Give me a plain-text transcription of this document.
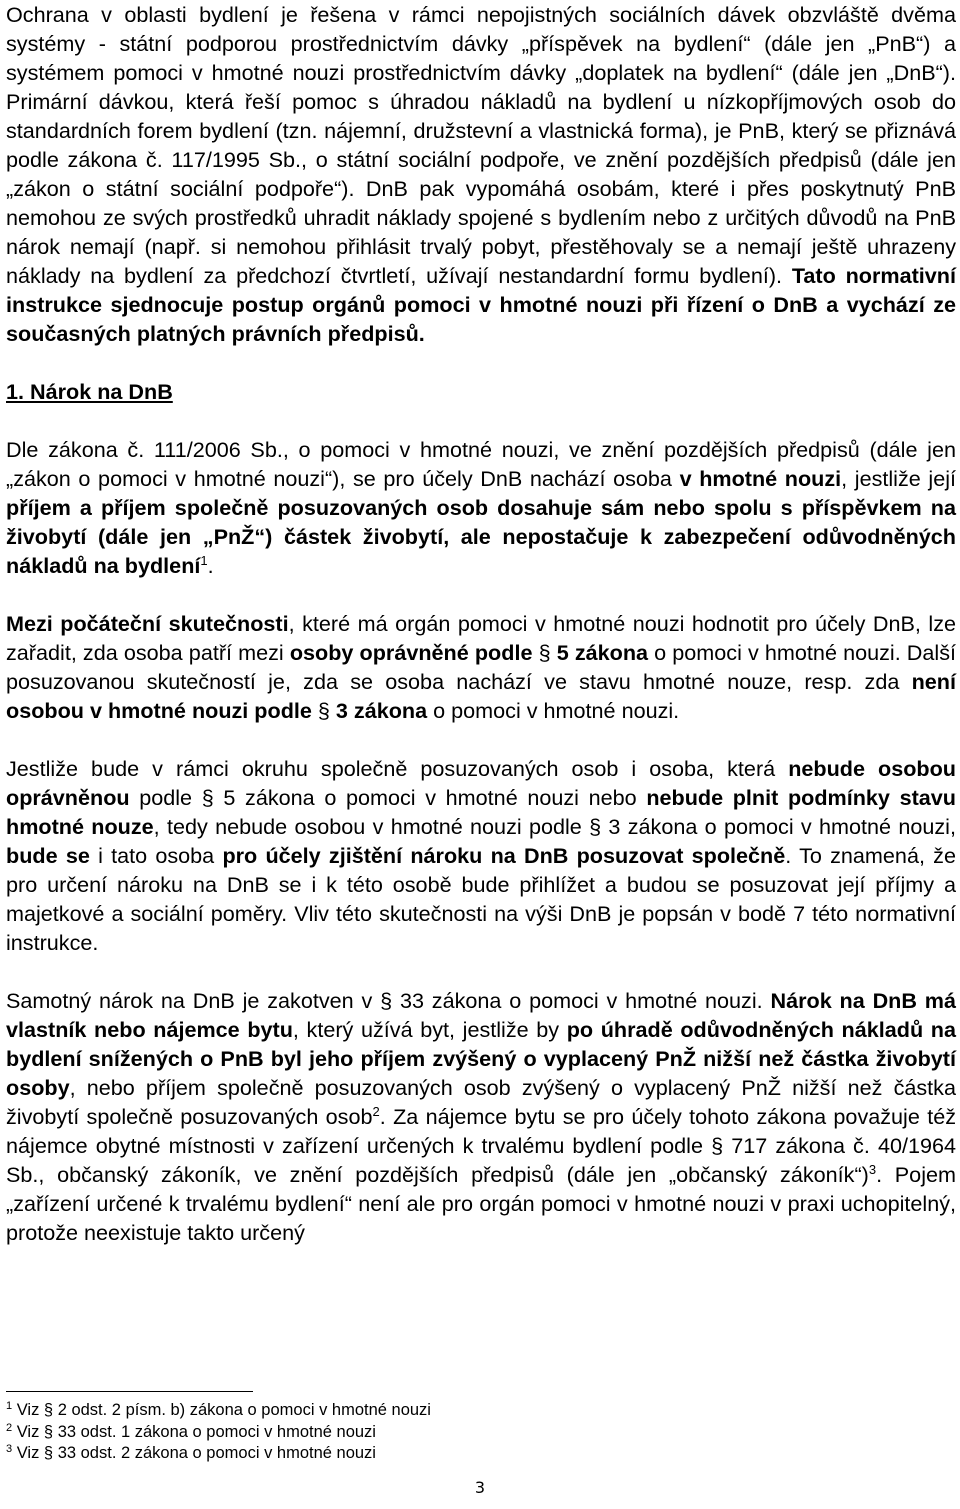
Ochrana v oblasti bydlení je řešena v rámci nepojistných sociálních dávek obzvláště dvěma systémy - státní podporou prostřednictvím dávky „příspěvek na bydlení“ (dále jen „PnB“) a systémem pomoci v hmotné nouzi prostřednictvím dávky „doplatek na bydlení“ (dále jen „DnB“). Primární dávkou, která řeší pomoc s úhradou nákladů na bydlení u nízkopříjmových osob do standardních forem bydlení (tzn. nájemní, družstevní a vlastnická forma), je PnB, který se přiznává podle zákona č. 117/1995 Sb., o státní sociální podpoře, ve znění pozdějších předpisů (dále jen „zákon o státní sociální podpoře“). DnB pak vypomáhá osobám, které i přes poskytnutý PnB nemohou ze svých prostředků uhradit náklady spojené s bydlením nebo z určitých důvodů na PnB nárok nemají (např. si nemohou přihlásit trvalý pobyt, přestěhovaly se a nemají ještě uhrazeny náklady na bydlení za předchozí čtvrtletí, užívají nestandardní formu bydlení). Tato normativní instrukce sjednocuje postup orgánů pomoci v hmotné nouzi při řízení o DnB a vychází ze současných platných právních předpisů.

1. Nárok na DnB

Dle zákona č. 111/2006 Sb., o pomoci v hmotné nouzi, ve znění pozdějších předpisů (dále jen „zákon o pomoci v hmotné nouzi“), se pro účely DnB nachází osoba v hmotné nouzi, jestliže její příjem a příjem společně posuzovaných osob dosahuje sám nebo spolu s příspěvkem na živobytí (dále jen „PnŽ“) částek živobytí, ale nepostačuje k zabezpečení odůvodněných nákladů na bydlení$^1$.

Mezi počáteční skutečnosti, které má orgán pomoci v hmotné nouzi hodnotit pro účely DnB, lze zařadit, zda osoba patří mezi osoby oprávněné podle § 5 zákona o pomoci v hmotné nouzi. Další posuzovanou skutečností je, zda se osoba nachází ve stavu hmotné nouze, resp. zda není osobou v hmotné nouzi podle § 3 zákona o pomoci v hmotné nouzi.

Jestliže bude v rámci okruhu společně posuzovaných osob i osoba, která nebude osobou oprávněnou podle § 5 zákona o pomoci v hmotné nouzi nebo nebude plnit podmínky stavu hmotné nouze, tedy nebude osobou v hmotné nouzi podle § 3 zákona o pomoci v hmotné nouzi, bude se i tato osoba pro účely zjištění nároku na DnB posuzovat společně. To znamená, že pro určení nároku na DnB se i k této osobě bude přihlížet a budou se posuzovat její příjmy a majetkové a sociální poměry. Vliv této skutečnosti na výši DnB je popsán v bodě 7 této normativní instrukce.

Samotný nárok na DnB je zakotven v § 33 zákona o pomoci v hmotné nouzi. Nárok na DnB má vlastník nebo nájemce bytu, který užívá byt, jestliže by po úhradě odůvodněných nákladů na bydlení snížených o PnB byl jeho příjem zvýšený o vyplacený PnŽ nižší než částka živobytí osoby, nebo příjem společně posuzovaných osob zvýšený o vyplacený PnŽ nižší než částka živobytí společně posuzovaných osob$^2$. Za nájemce bytu se pro účely tohoto zákona považuje též nájemce obytné místnosti v zařízení určených k trvalému bydlení podle § 717 zákona č. 40/1964 Sb., občanský zákoník, ve znění pozdějších předpisů (dále jen „občanský zákoník“)$^3$. Pojem „zařízení určené k trvalému bydlení“ není ale pro orgán pomoci v hmotné nouzi v praxi uchopitelný, protože neexistuje takto určený

$^1$ Viz § 2 odst. 2 písm. b) zákona o pomoci v hmotné nouzi

$^2$ Viz § 33 odst. 1 zákona o pomoci v hmotné nouzi

$^3$ Viz § 33 odst. 2 zákona o pomoci v hmotné nouzi

3
